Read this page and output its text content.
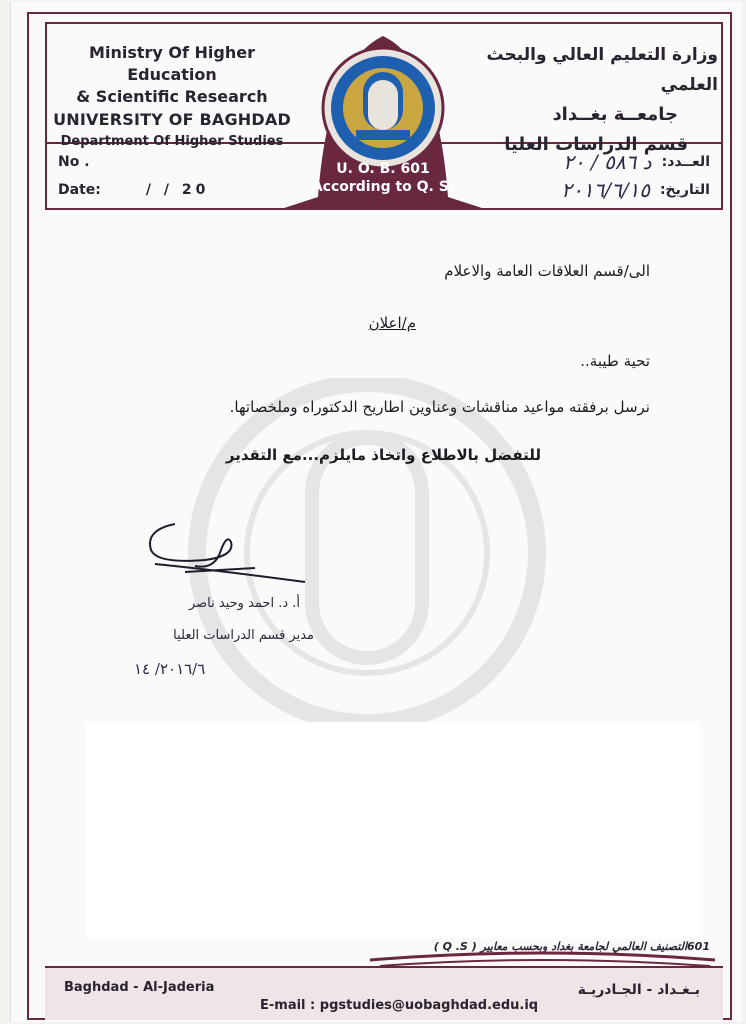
U. O. B. 601
According to Q. S.
Ministry Of Higher Education
& Scientific Research
UNIVERSITY OF BAGHDAD
Department Of Higher Studies
وزارة التعليم العالي والبحث العلمي
جامعــة بغــداد
قسم الدراسات العليا
No .
Date:	/ / 20
العــدد:
د ٥٨٦ / ٢٠
التاريخ:
٢٠١٦/٦/١٥
الى/قسم العلاقات العامة والاعلام
م/اعلان
تحية طيبة..
نرسل برفقته مواعيد مناقشات وعناوين اطاريح الدكتوراه وملخصاتها.
للتفضل بالاطلاع واتخاذ مايلزم...مع التقدير
أ. د. احمد وحيد ناصر
مدير قسم الدراسات العليا
٢٠١٦/٦/ ١٤
601التصنيف العالمي لجامعة بغداد وبحسب معايير ( Q .S )
Baghdad - Al-Jaderia	بـغـداد - الجـادريـة
E-mail : pgstudies@uobaghdad.edu.iq
